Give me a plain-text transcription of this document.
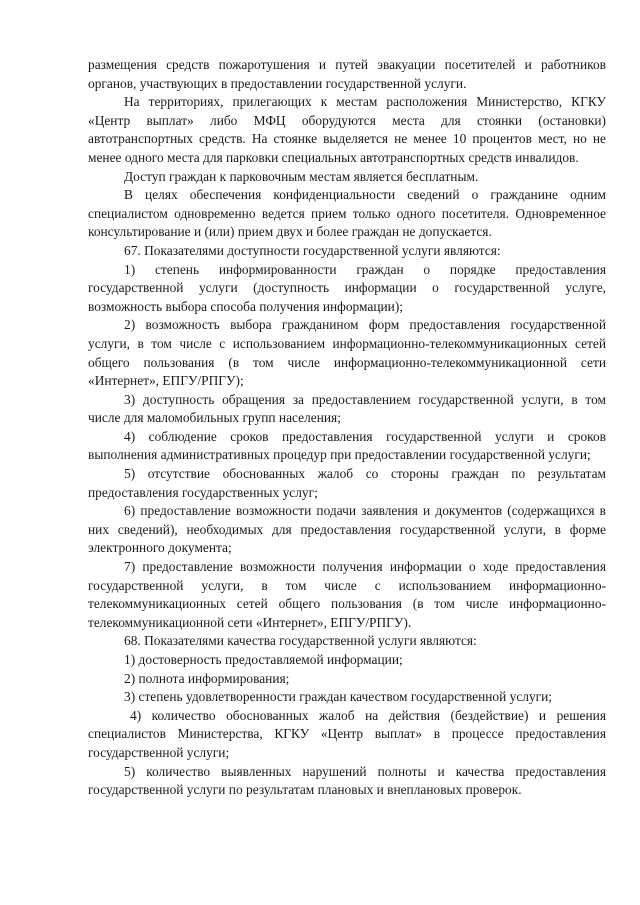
размещения средств пожаротушения и путей эвакуации посетителей и работников органов, участвующих в предоставлении государственной услуги.

На территориях, прилегающих к местам расположения Министерство, КГКУ «Центр выплат» либо МФЦ оборудуются места для стоянки (остановки) автотранспортных средств. На стоянке выделяется не менее 10 процентов мест, но не менее одного места для парковки специальных автотранспортных средств инвалидов.

Доступ граждан к парковочным местам является бесплатным.

В целях обеспечения конфиденциальности сведений о гражданине одним специалистом одновременно ведется прием только одного посетителя. Одновременное консультирование и (или) прием двух и более граждан не допускается.

67. Показателями доступности государственной услуги являются:

1) степень информированности граждан о порядке предоставления государственной услуги (доступность информации о государственной услуге, возможность выбора способа получения информации);

2) возможность выбора гражданином форм предоставления государственной услуги, в том числе с использованием информационно-телекоммуникационных сетей общего пользования (в том числе информационно-телекоммуникационной сети «Интернет», ЕПГУ/РПГУ);

3) доступность обращения за предоставлением государственной услуги, в том числе для маломобильных групп населения;

4) соблюдение сроков предоставления государственной услуги и сроков выполнения административных процедур при предоставлении государственной услуги;

5) отсутствие обоснованных жалоб со стороны граждан по результатам предоставления государственных услуг;

6) предоставление возможности подачи заявления и документов (содержащихся в них сведений), необходимых для предоставления государственной услуги, в форме электронного документа;

7) предоставление возможности получения информации о ходе предоставления государственной услуги, в том числе с использованием информационно-телекоммуникационных сетей общего пользования (в том числе информационно-телекоммуникационной сети «Интернет», ЕПГУ/РПГУ).

68. Показателями качества государственной услуги являются:

1) достоверность предоставляемой информации;

2) полнота информирования;

3) степень удовлетворенности граждан качеством государственной услуги;

4) количество обоснованных жалоб на действия (бездействие) и решения специалистов Министерства, КГКУ «Центр выплат» в процессе предоставления государственной услуги;

5) количество выявленных нарушений полноты и качества предоставления государственной услуги по результатам плановых и внеплановых проверок.
